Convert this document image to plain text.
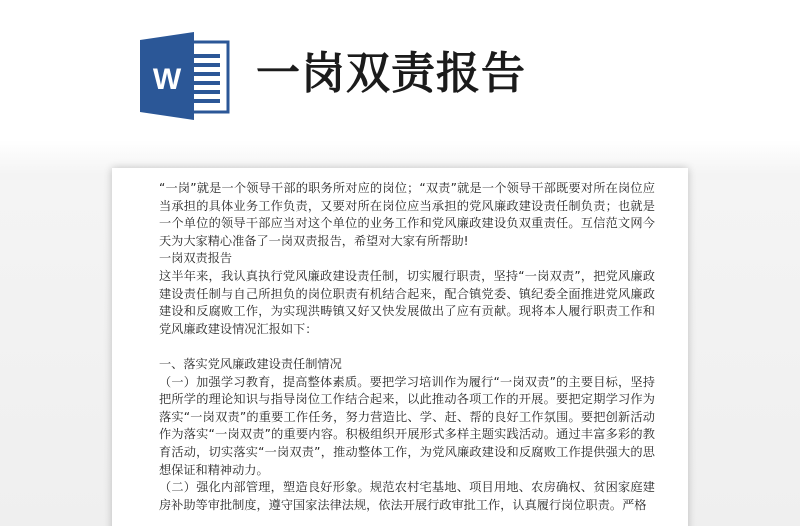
W 一岗双责报告

“一岗”就是一个领导干部的职务所对应的岗位；“双责”就是一个领导干部既要对所在岗位应当承担的具体业务工作负责，又要对所在岗位应当承担的党风廉政建设责任制负责；也就是一个单位的领导干部应当对这个单位的业务工作和党风廉政建设负双重责任。互信范文网今天为大家精心准备了一岗双责报告，希望对大家有所帮助!

一岗双责报告

这半年来，我认真执行党风廉政建设责任制，切实履行职责，坚持“一岗双责”，把党风廉政建设责任制与自己所担负的岗位职责有机结合起来，配合镇党委、镇纪委全面推进党风廉政建设和反腐败工作，为实现洪畴镇又好又快发展做出了应有贡献。现将本人履行职责工作和党风廉政建设情况汇报如下：

一、落实党风廉政建设责任制情况

（一）加强学习教育，提高整体素质。要把学习培训作为履行“一岗双责”的主要目标，坚持把所学的理论知识与指导岗位工作结合起来，以此推动各项工作的开展。要把定期学习作为落实“一岗双责”的重要工作任务，努力营造比、学、赶、帮的良好工作氛围。要把创新活动作为落实“一岗双责”的重要内容。积极组织开展形式多样主题实践活动。通过丰富多彩的教育活动，切实落实“一岗双责”，推动整体工作，为党风廉政建设和反腐败工作提供强大的思想保证和精神动力。

（二）强化内部管理，塑造良好形象。规范农村宅基地、项目用地、农房确权、贫困家庭建房补助等审批制度，遵守国家法律法规，依法开展行政审批工作，认真履行岗位职责。严格
